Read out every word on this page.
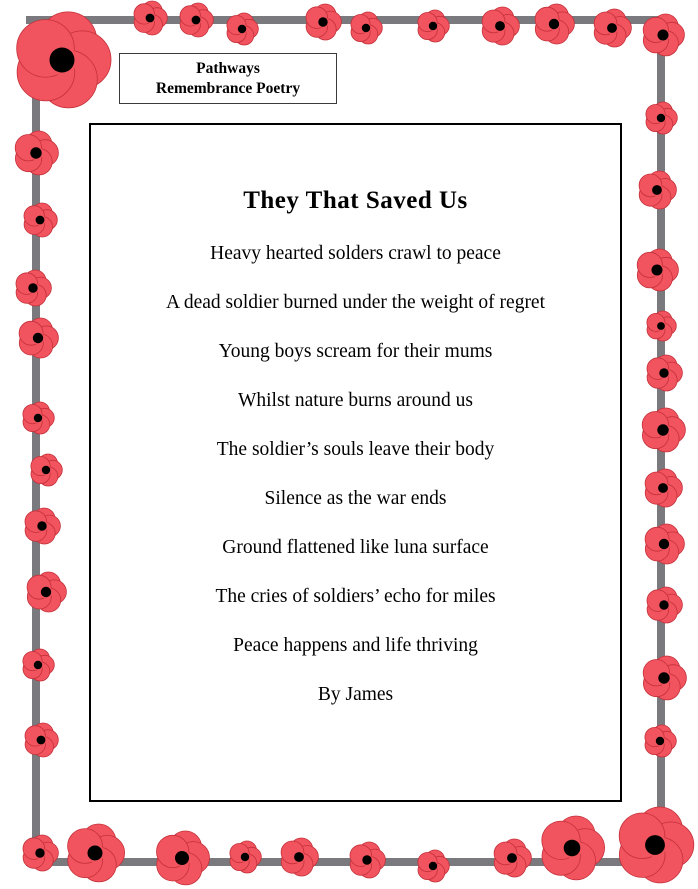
Pathways
Remembrance Poetry
They That Saved Us

Heavy hearted solders crawl to peace

A dead soldier burned under the weight of regret

Young boys scream for their mums

Whilst nature burns around us

The soldier’s souls leave their body

Silence as the war ends

Ground flattened like luna surface

The cries of soldiers’ echo for miles

Peace happens and life thriving

By James
